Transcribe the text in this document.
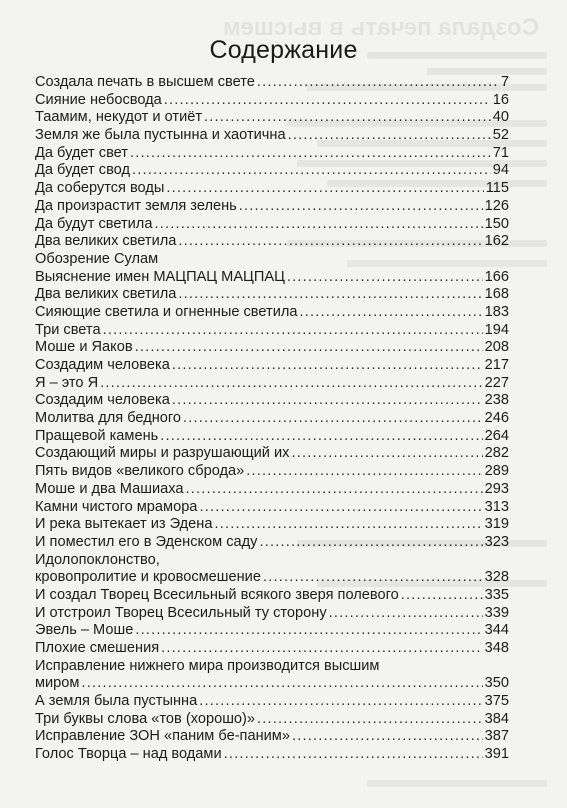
Создала печать в высшем
Содержание
Создала печать в высшем свете .....	7
Сияние небосвода .....	16
Таамим, некудот и отиёт .....	40
Земля же была пустынна и хаотична .....	52
Да будет свет .....	71
Да будет свод .....	94
Да соберутся воды .....	115
Да произрастит земля зелень .....	126
Да будут светила .....	150
Два великих светила .....	162
Обозрение Сулам
Выяснение имен МАЦПАЦ МАЦПАЦ .....	166
Два великих светила .....	168
Сияющие светила и огненные светила .....	183
Три света .....	194
Моше и Яаков .....	208
Создадим человека .....	217
Я – это Я .....	227
Создадим человека .....	238
Молитва для бедного .....	246
Пращевой камень .....	264
Создающий миры и разрушающий их .....	282
Пять видов «великого сброда» .....	289
Моше и два Машиаха .....	293
Камни чистого мрамора .....	313
И река вытекает из Эдена .....	319
И поместил его в Эденском саду .....	323
Идолопоклонство,
кровопролитие и кровосмешение .....	328
И создал Творец Всесильный всякого зверя полевого .....	335
И отстроил Творец Всесильный ту сторону .....	339
Эвель – Моше .....	344
Плохие смешения .....	348
Исправление нижнего мира производится высшим
миром .....	350
А земля была пустынна .....	375
Три буквы слова «тов (хорошо)» .....	384
Исправление ЗОН «паним бе-паним» .....	387
Голос Творца – над водами .....	391
